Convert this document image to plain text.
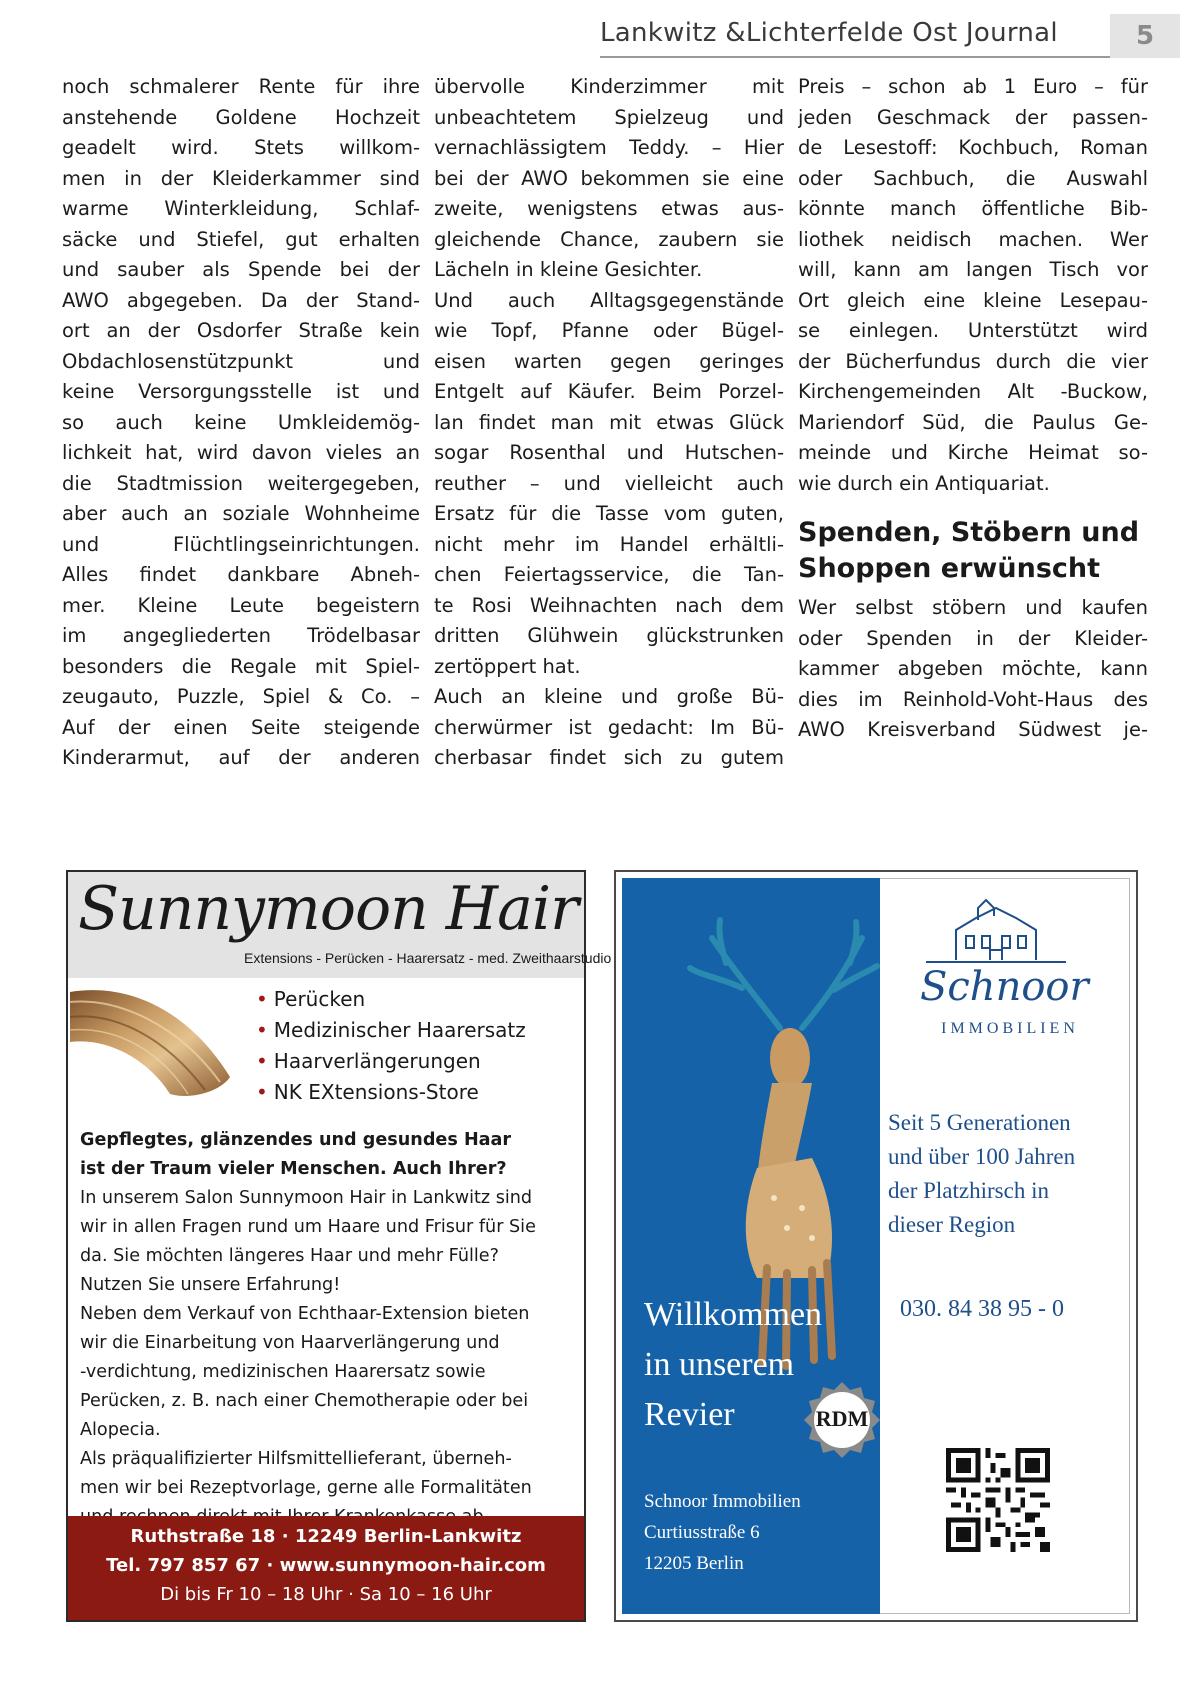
Lankwitz &Lichterfelde Ost Journal	5
noch schmalerer Rente für ihre
anstehende Goldene Hochzeit
geadelt wird. Stets willkom-
men in der Kleiderkammer sind
warme Winterkleidung, Schlaf-
säcke und Stiefel, gut erhalten
und sauber als Spende bei der
AWO abgegeben. Da der Stand-
ort an der Osdorfer Straße kein
Obdachlosenstützpunkt und
keine Versorgungsstelle ist und
so auch keine Umkleidemög-
lichkeit hat, wird davon vieles an
die Stadtmission weitergegeben,
aber auch an soziale Wohnheime
und Flüchtlingseinrichtungen.
Alles findet dankbare Abneh-
mer. Kleine Leute begeistern
im angegliederten Trödelbasar
besonders die Regale mit Spiel-
zeugauto, Puzzle, Spiel & Co. –
Auf der einen Seite steigende
Kinderarmut, auf der anderen
übervolle Kinderzimmer mit
unbeachtetem Spielzeug und
vernachlässigtem Teddy. – Hier
bei der AWO bekommen sie eine
zweite, wenigstens etwas aus-
gleichende Chance, zaubern sie
Lächeln in kleine Gesichter.
Und auch Alltagsgegenstände
wie Topf, Pfanne oder Bügel-
eisen warten gegen geringes
Entgelt auf Käufer. Beim Porzel-
lan findet man mit etwas Glück
sogar Rosenthal und Hutschen-
reuther – und vielleicht auch
Ersatz für die Tasse vom guten,
nicht mehr im Handel erhältli-
chen Feiertagsservice, die Tan-
te Rosi Weihnachten nach dem
dritten Glühwein glückstrunken
zertöppert hat.
Auch an kleine und große Bü-
cherwürmer ist gedacht: Im Bü-
cherbasar findet sich zu gutem
Preis – schon ab 1 Euro – für
jeden Geschmack der passen-
de Lesestoff: Kochbuch, Roman
oder Sachbuch, die Auswahl
könnte manch öffentliche Bib-
liothek neidisch machen. Wer
will, kann am langen Tisch vor
Ort gleich eine kleine Lesepau-
se einlegen. Unterstützt wird
der Bücherfundus durch die vier
Kirchengemeinden Alt -Buckow,
Mariendorf Süd, die Paulus Ge-
meinde und Kirche Heimat so-
wie durch ein Antiquariat.
Spenden, Stöbern und
Shoppen erwünscht
Wer selbst stöbern und kaufen
oder Spenden in der Kleider-
kammer abgeben möchte, kann
dies im Reinhold-Voht-Haus des
AWO Kreisverband Südwest je-
Sunnymoon Hair
Extensions - Perücken - Haarersatz - med. Zweithaarstudio
• Perücken
• Medizinischer Haarersatz
• Haarverlängerungen
• NK EXtensions-Store
Gepflegtes, glänzendes und gesundes Haar
ist der Traum vieler Menschen. Auch Ihrer?
In unserem Salon Sunnymoon Hair in Lankwitz sind
wir in allen Fragen rund um Haare und Frisur für Sie
da. Sie möchten längeres Haar und mehr Fülle?
Nutzen Sie unsere Erfahrung!
Neben dem Verkauf von Echthaar-Extension bieten
wir die Einarbeitung von Haarverlängerung und
-verdichtung, medizinischen Haarersatz sowie
Perücken, z. B. nach einer Chemotherapie oder bei
Alopecia.
Als präqualifizierter Hilfsmittellieferant, überneh-
men wir bei Rezeptvorlage, gerne alle Formalitäten
Ruthstraße 18 · 12249 Berlin-Lankwitz
Tel. 797 857 67 · www.sunnymoon-hair.com
Di bis Fr 10 – 18 Uhr · Sa 10 – 16 Uhr
Willkommen
in unserem
Revier
Schnoor Immobilien
Curtiusstraße 6
12205 Berlin
Schnoor
IMMOBILIEN
Seit 5 Generationen
und über 100 Jahren
der Platzhirsch in
dieser Region
030. 84 38 95 - 0
RDM
